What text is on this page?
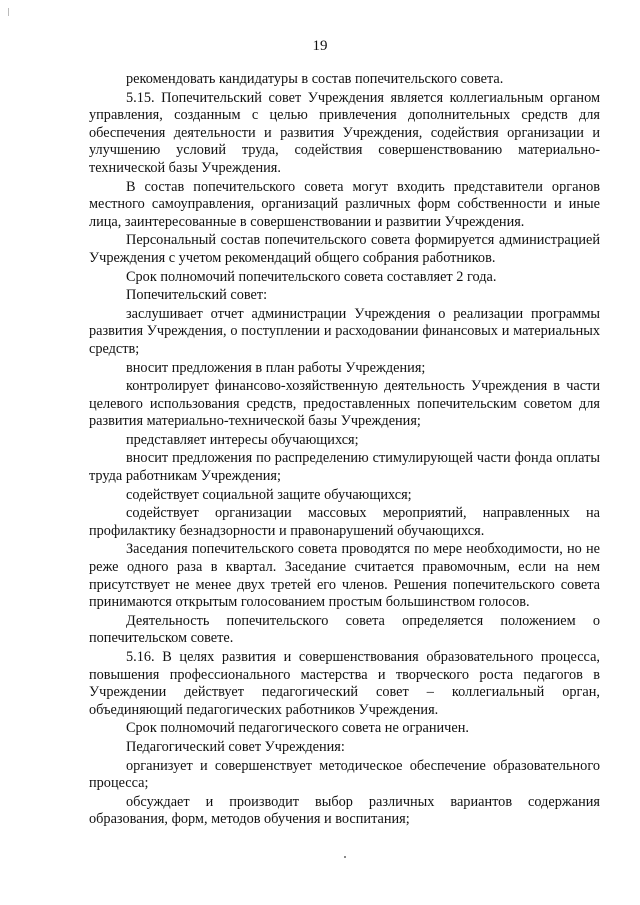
19

рекомендовать кандидатуры в состав попечительского совета.

5.15. Попечительский совет Учреждения является коллегиальным органом управления, созданным с целью привлечения дополнительных средств для обеспечения деятельности и развития Учреждения, содействия организации и улучшению условий труда, содействия совершенствованию материально-технической базы Учреждения.

В состав попечительского совета могут входить представители органов местного самоуправления, организаций различных форм собственности и иные лица, заинтересованные в совершенствовании и развитии Учреждения.

Персональный состав попечительского совета формируется администрацией Учреждения с учетом рекомендаций общего собрания работников.

Срок полномочий попечительского совета составляет 2 года.

Попечительский совет:

заслушивает отчет администрации Учреждения о реализации программы развития Учреждения, о поступлении и расходовании финансовых и материальных средств;

вносит предложения в план работы Учреждения;

контролирует финансово-хозяйственную деятельность Учреждения в части целевого использования средств, предоставленных попечительским советом для развития материально-технической базы Учреждения;

представляет интересы обучающихся;

вносит предложения по распределению стимулирующей части фонда оплаты труда работникам Учреждения;

содействует социальной защите обучающихся;

содействует организации массовых мероприятий, направленных на профилактику безнадзорности и правонарушений обучающихся.

Заседания попечительского совета проводятся по мере необходимости, но не реже одного раза в квартал. Заседание считается правомочным, если на нем присутствует не менее двух третей его членов. Решения попечительского совета принимаются открытым голосованием простым большинством голосов.

Деятельность попечительского совета определяется положением о попечительском совете.

5.16. В целях развития и совершенствования образовательного процесса, повышения профессионального мастерства и творческого роста педагогов в Учреждении действует педагогический совет – коллегиальный орган, объединяющий педагогических работников Учреждения.

Срок полномочий педагогического совета не ограничен.

Педагогический совет Учреждения:

организует и совершенствует методическое обеспечение образовательного процесса;

обсуждает и производит выбор различных вариантов содержания образования, форм, методов обучения и воспитания;
